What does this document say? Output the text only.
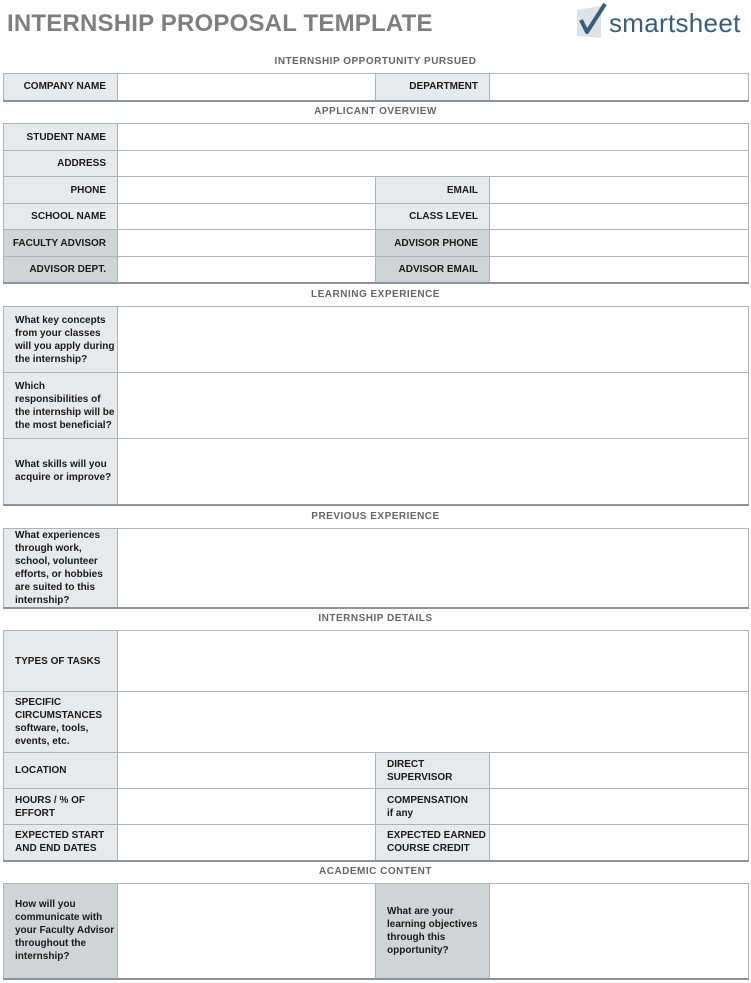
INTERNSHIP PROPOSAL TEMPLATE	smartsheet
INTERNSHIP OPPORTUNITY PURSUED
COMPANY NAME		DEPARTMENT	
APPLICANT OVERVIEW
STUDENT NAME			
ADDRESS			
PHONE		EMAIL	
SCHOOL NAME		CLASS LEVEL	
FACULTY ADVISOR		ADVISOR PHONE	
ADVISOR DEPT.		ADVISOR EMAIL	
LEARNING EXPERIENCE
What key concepts from your classes will you apply during the internship?	
Which responsibilities of the internship will be the most beneficial?	
What skills will you acquire or improve?	
PREVIOUS EXPERIENCE
What experiences through work, school, volunteer efforts, or hobbies are suited to this internship?	
INTERNSHIP DETAILS
TYPES OF TASKS			

SPECIFIC CIRCUMSTANCES
software, tools, events, etc.			

LOCATION		DIRECT SUPERVISOR	
HOURS / % OF EFFORT		COMPENSATION
if any	

EXPECTED START AND END DATES		EXPECTED EARNED COURSE CREDIT	
ACADEMIC CONTENT
How will you communicate with your Faculty Advisor throughout the internship?		What are your learning objectives through this opportunity?	
